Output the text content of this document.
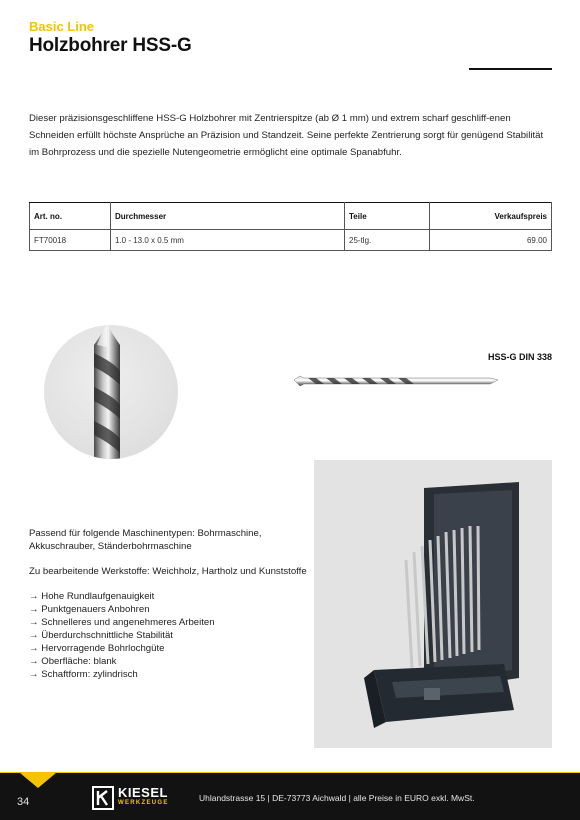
Basic Line
Holzbohrer HSS-G
Dieser präzisionsgeschliffene HSS-G Holzbohrer mit Zentrierspitze (ab Ø 1 mm) und extrem scharf geschliff-enen Schneiden erfüllt höchste Ansprüche an Präzision und Standzeit. Seine perfekte Zentrierung sorgt für genügend Stabilität im Bohrprozess und die spezielle Nutengeometrie ermöglicht eine optimale Spanabfuhr.
Art. no.	Durchmesser	Teile	Verkaufspreis
FT70018	1.0 - 13.0 x 0.5 mm	25-tlg.	69.00
HSS-G DIN 338

Passend für folgende Maschinentypen: Bohrmaschine, Akkuschrauber, Ständerbohrmaschine

Zu bearbeitende Werkstoffe: Weichholz, Hartholz und Kunststoffe

→ Hohe Rundlaufgenauigkeit
→ Punktgenauers Anbohren
→ Schnelleres und angenehmeres Arbeiten
→ Überdurchschnittliche Stabilität
→ Hervorragende Bohrlochgüte
→ Oberfläche: blank
→ Schaftform: zylindrisch
34
KIESEL
WERKZEUGE	Uhlandstrasse 15 | DE-73773 Aichwald | alle Preise in EURO exkl. MwSt.
